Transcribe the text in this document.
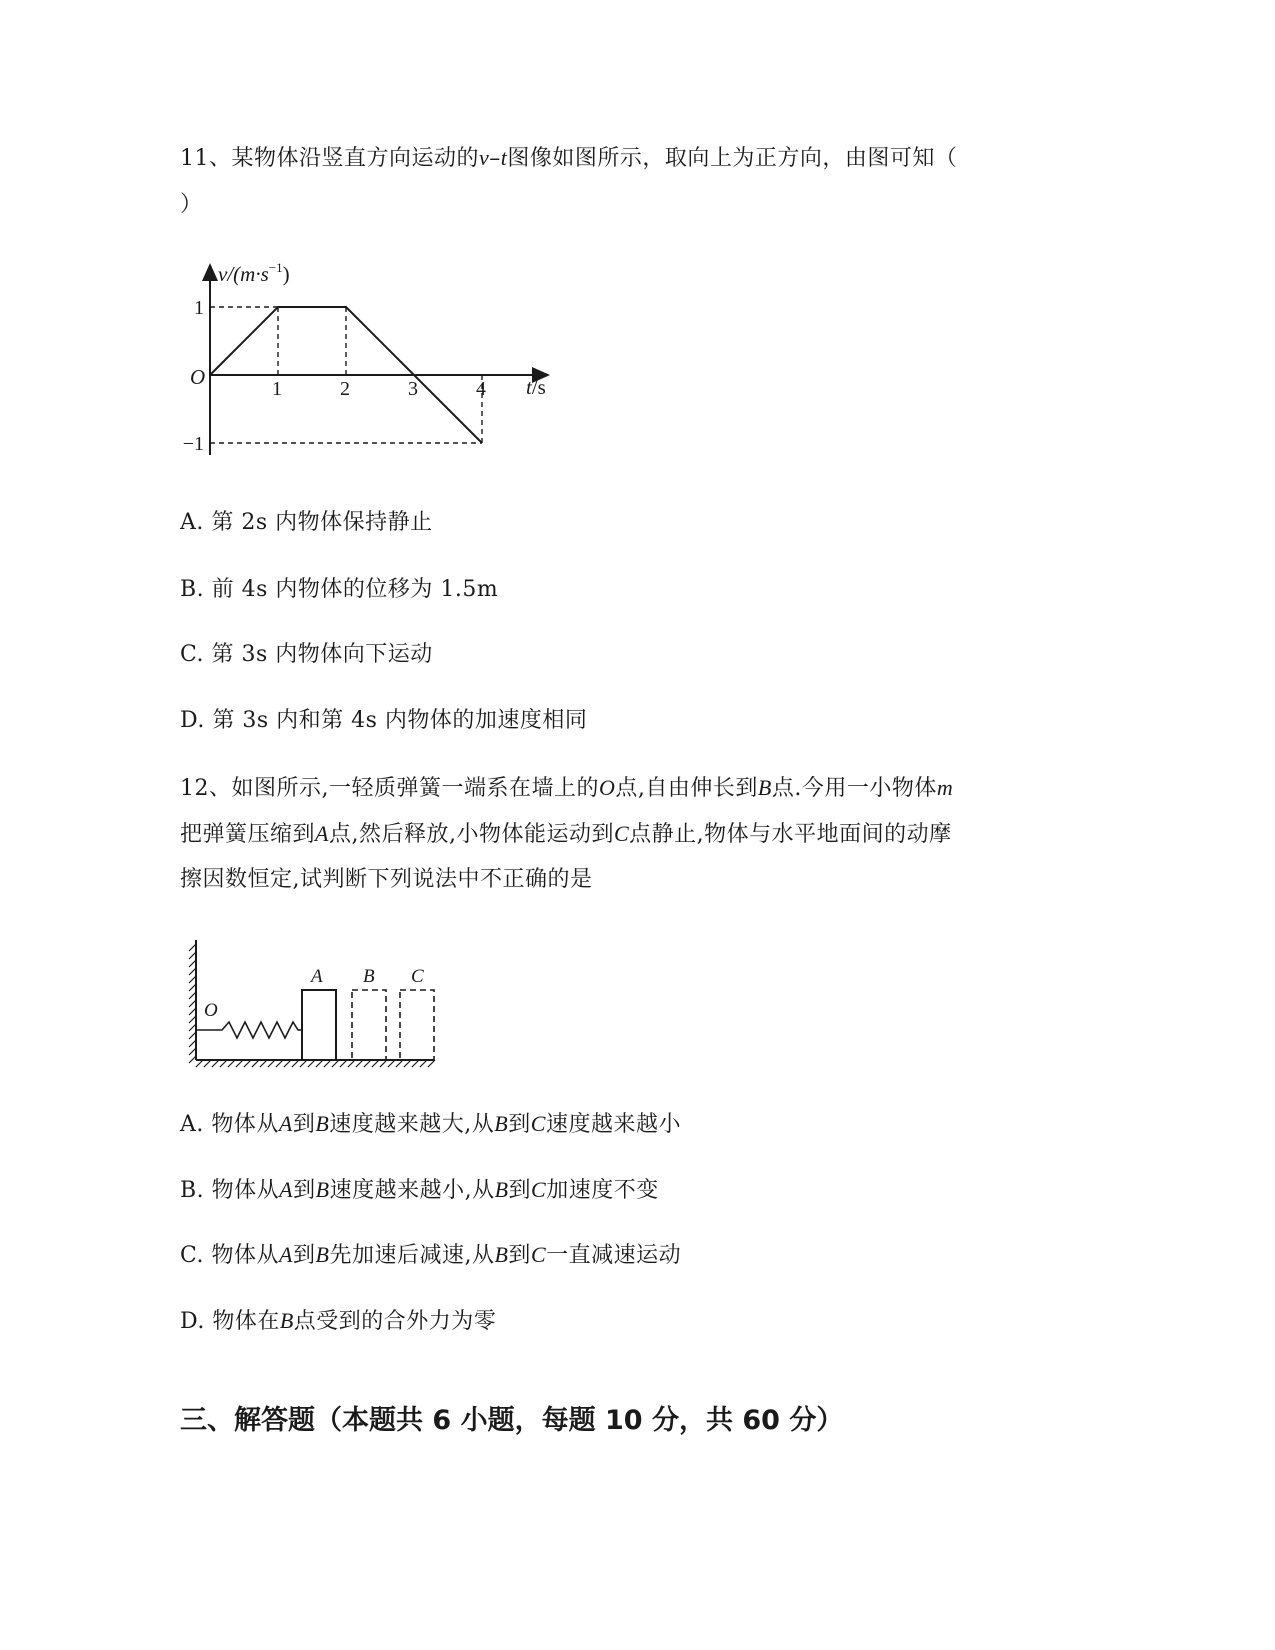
11、某物体沿竖直方向运动的v–t图像如图所示，取向上为正方向，由图可知（
）
1	2	3	4
1
−1
$v/(m\cdot s^{-1})$
t/s
O
A. 第 2s 内物体保持静止
B. 前 4s 内物体的位移为 1.5m
C. 第 3s 内物体向下运动
D. 第 3s 内和第 4s 内物体的加速度相同
12、如图所示,一轻质弹簧一端系在墙上的O点,自由伸长到B点.今用一小物体m
把弹簧压缩到A点,然后释放,小物体能运动到C点静止,物体与水平地面间的动摩
擦因数恒定,试判断下列说法中不正确的是
O
A B C
A. 物体从A到B速度越来越大,从B到C速度越来越小
B. 物体从A到B速度越来越小,从B到C加速度不变
C. 物体从A到B先加速后减速,从B到C一直减速运动
D. 物体在B点受到的合外力为零
三、解答题（本题共 6 小题，每题 10 分，共 60 分）
